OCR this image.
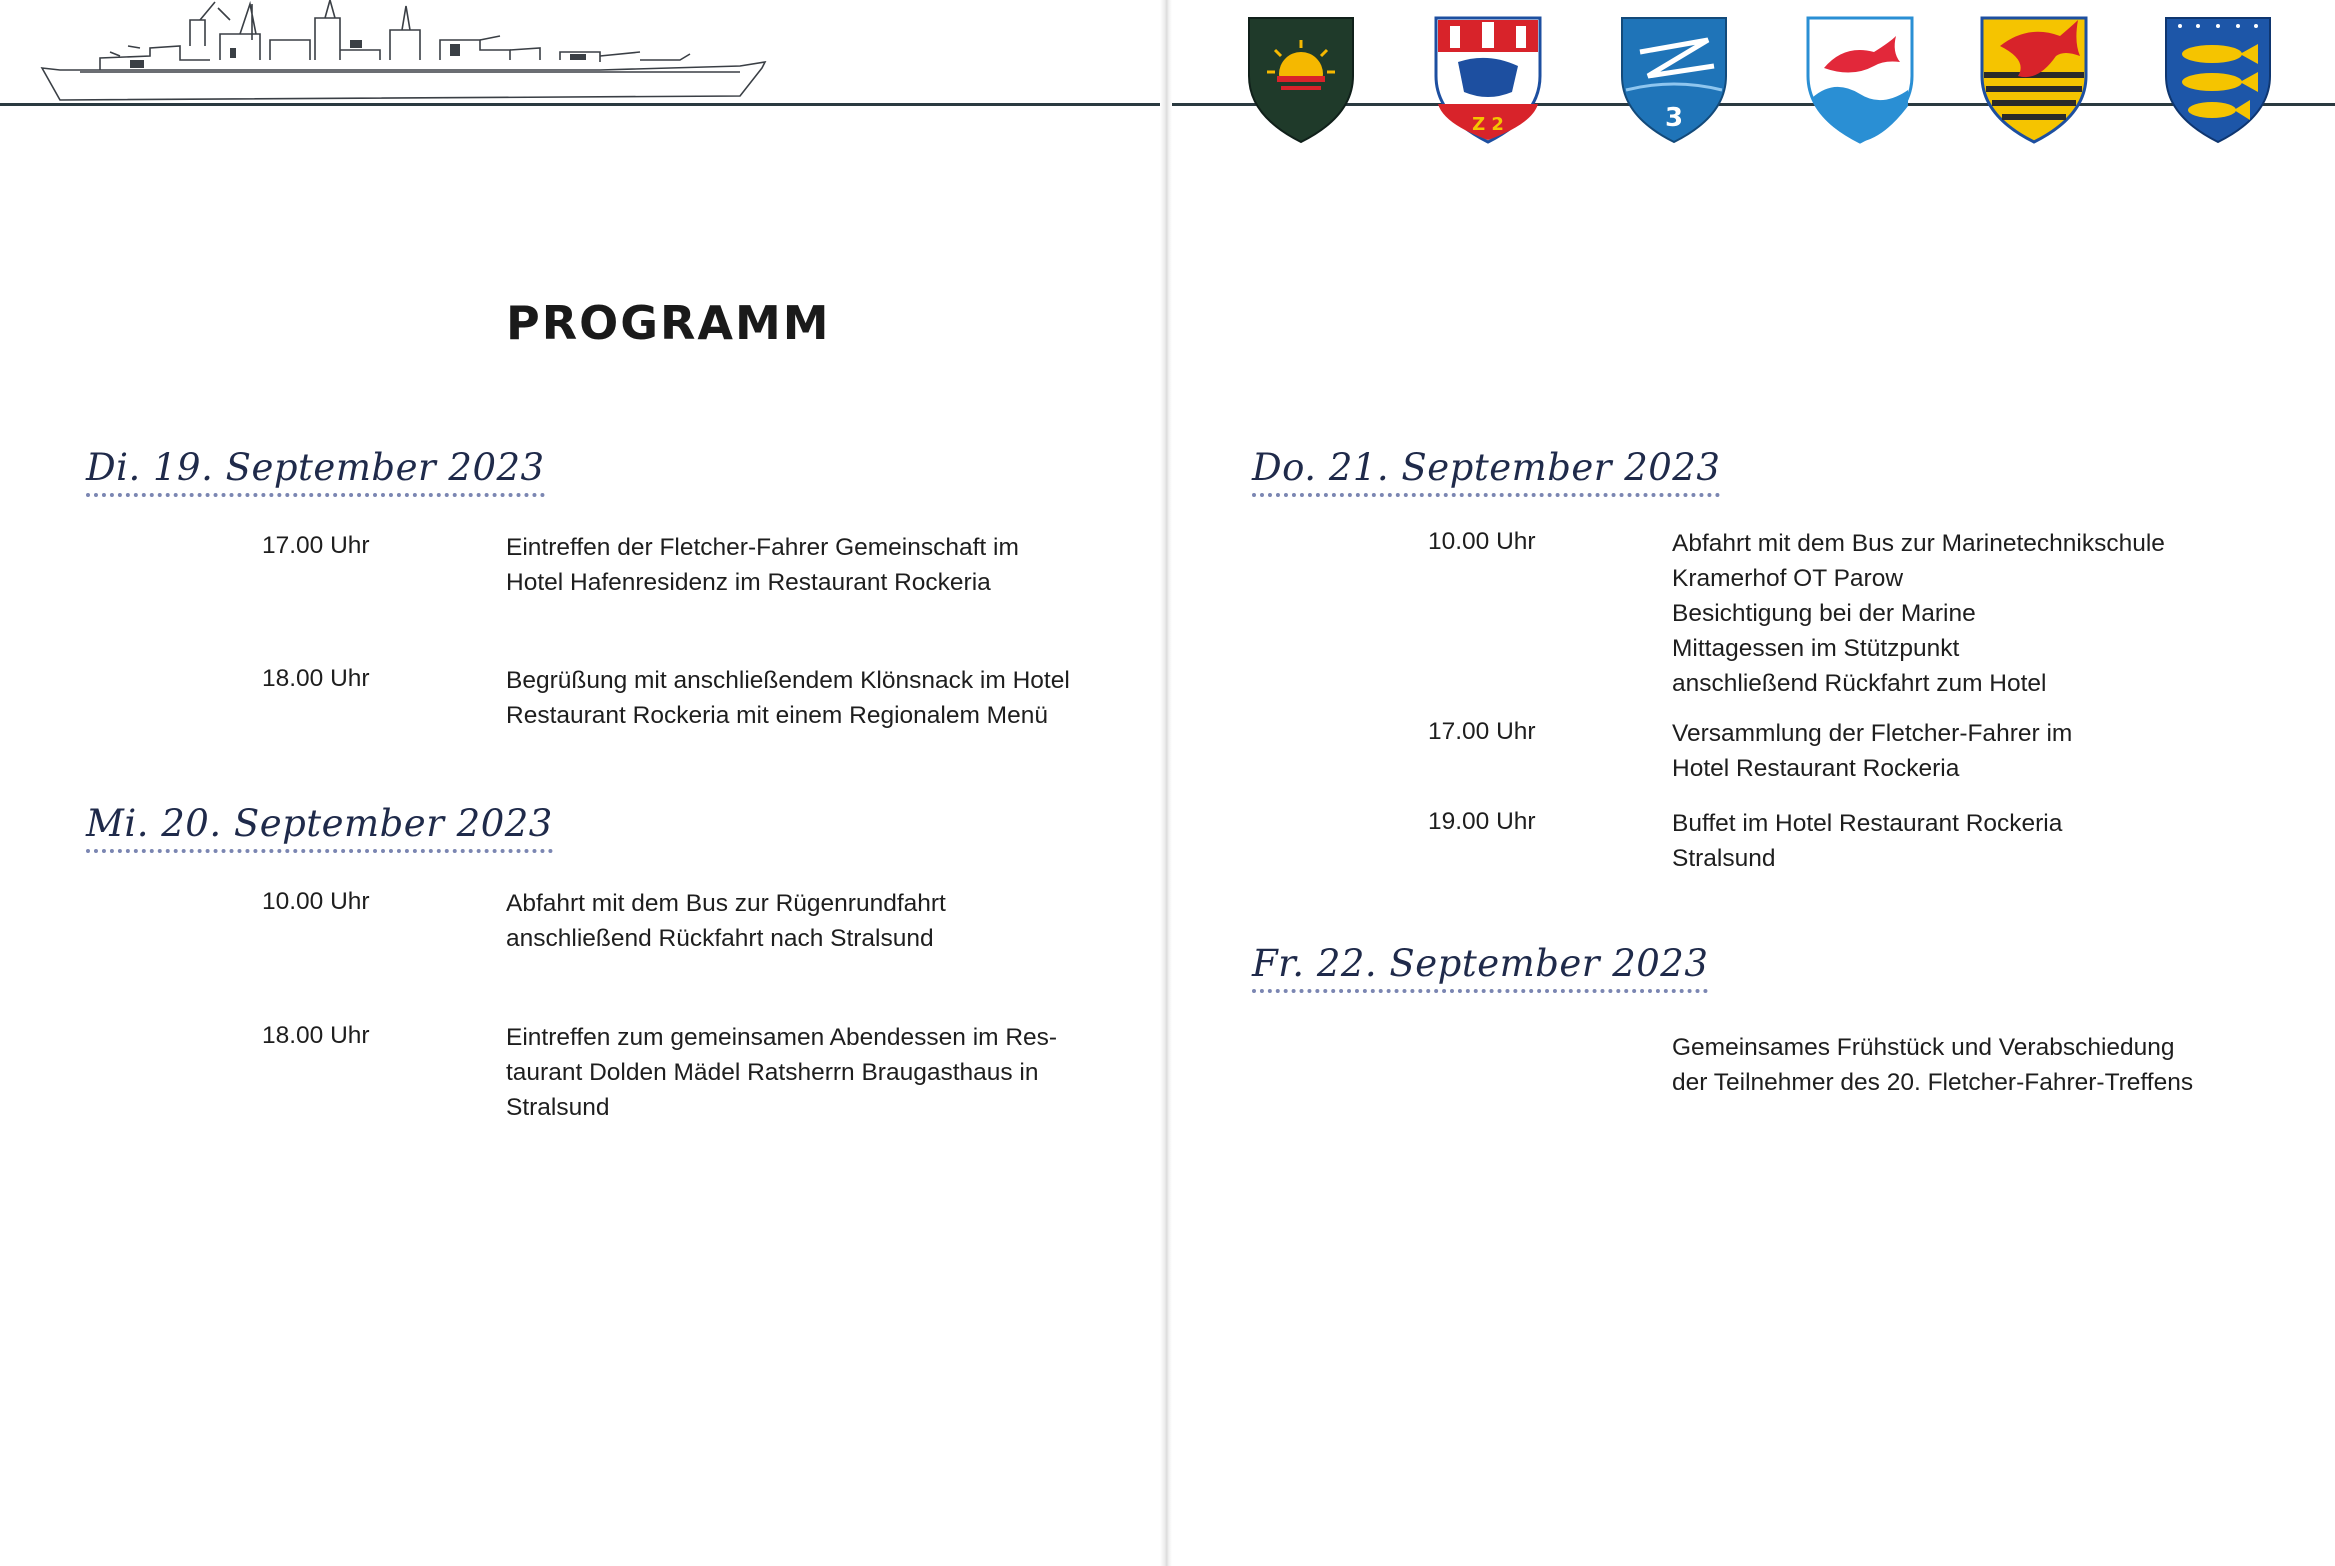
Z 2	3
PROGRAMM
Di. 19. September 2023
17.00 Uhr	Eintreffen der Fletcher-Fahrer Gemeinschaft im
Hotel Hafenresidenz im Restaurant Rockeria
18.00 Uhr	Begrüßung mit anschließendem Klönsnack im Hotel
Restaurant Rockeria mit einem Regionalem Menü
Mi. 20. September 2023
10.00 Uhr	Abfahrt mit dem Bus zur Rügenrundfahrt
anschließend Rückfahrt nach Stralsund
18.00 Uhr	Eintreffen zum gemeinsamen Abendessen im Res-
taurant Dolden Mädel Ratsherrn Braugasthaus in
Stralsund
Do. 21. September 2023
10.00 Uhr	Abfahrt mit dem Bus zur Marinetechnikschule
Kramerhof OT Parow
Besichtigung bei der Marine
Mittagessen im Stützpunkt
anschließend Rückfahrt zum Hotel
17.00 Uhr	Versammlung der Fletcher-Fahrer im
Hotel Restaurant Rockeria
19.00 Uhr	Buffet im Hotel Restaurant Rockeria
Stralsund
Fr. 22. September 2023
Gemeinsames Frühstück und Verabschiedung
der Teilnehmer des 20. Fletcher-Fahrer-Treffens
